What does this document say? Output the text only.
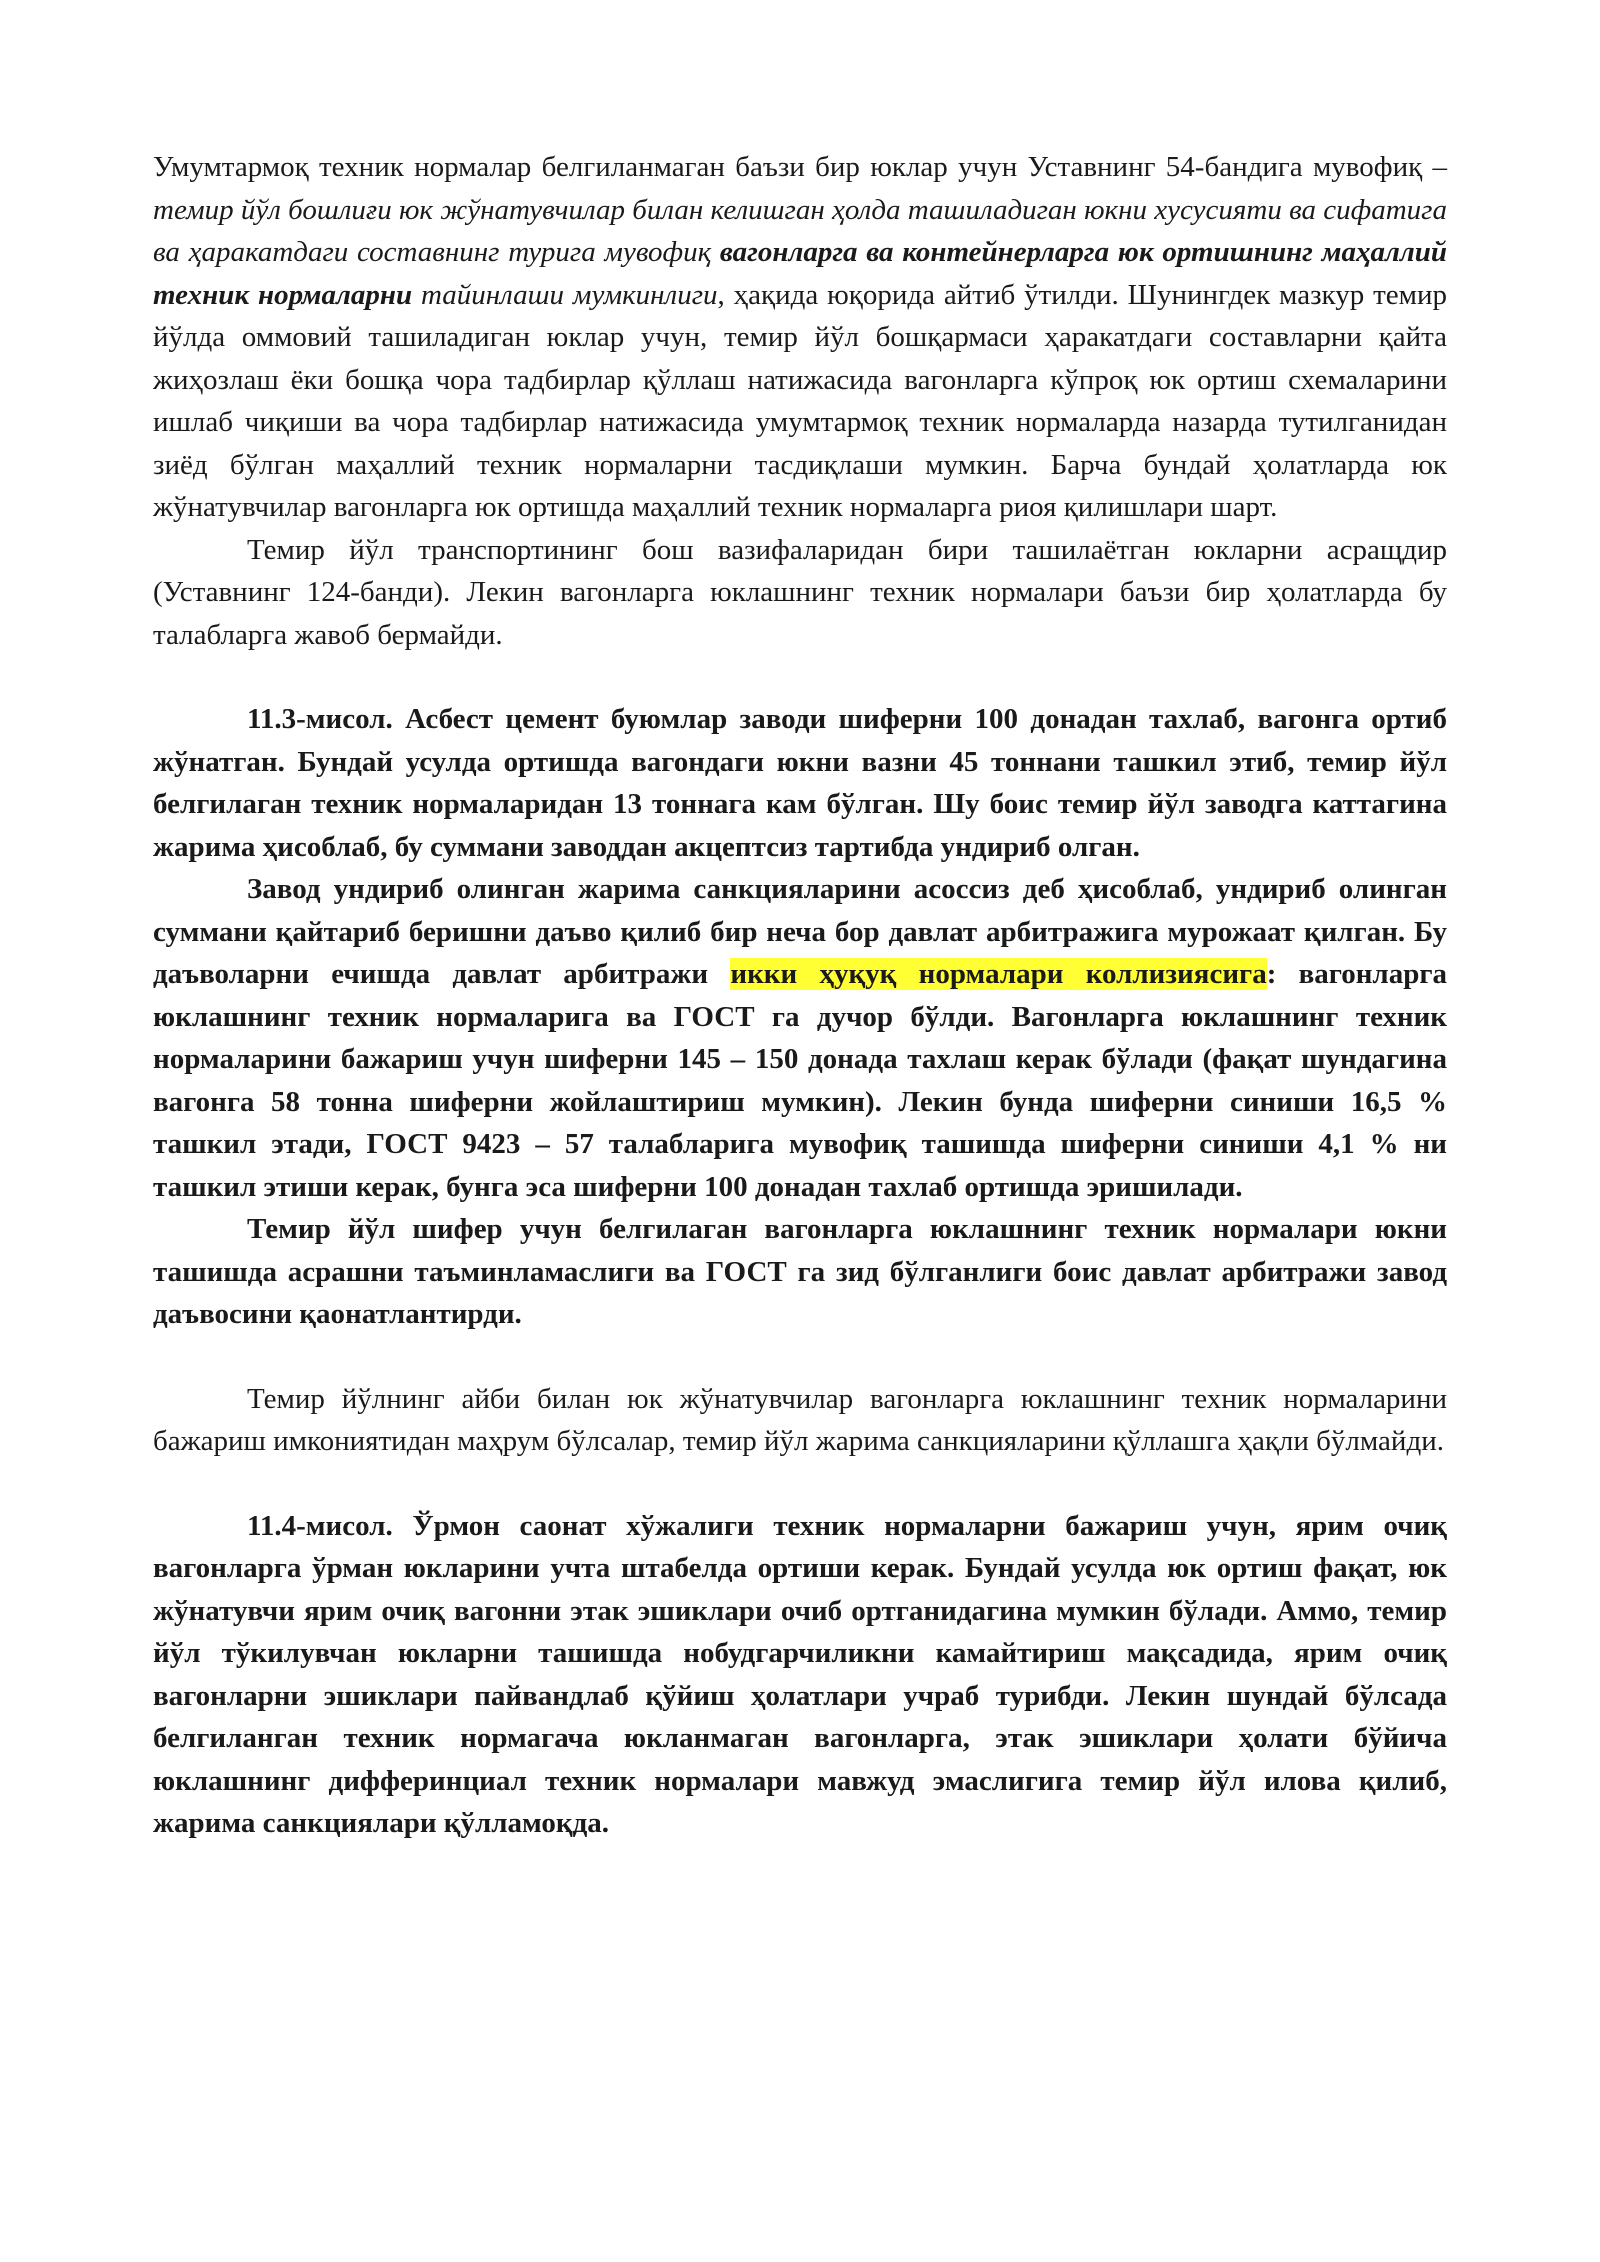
Умумтармоқ техник нормалар белгиланмаган баъзи бир юклар учун Уставнинг 54-бандига мувофиқ – темир йўл бошлиғи юк жўнатувчилар билан келишган ҳолда ташиладиган юкни хусусияти ва сифатига ва ҳаракатдаги составнинг турига мувофиқ вагонларга ва контейнерларга юк ортишнинг маҳаллий техник нормаларни тайинлаши мумкинлиги, ҳақида юқорида айтиб ўтилди. Шунингдек мазкур темир йўлда оммовий ташиладиган юклар учун, темир йўл бошқармаси ҳаракатдаги составларни қайта жиҳозлаш ёки бошқа чора тадбирлар қўллаш натижасида вагонларга кўпроқ юк ортиш схемаларини ишлаб чиқиши ва чора тадбирлар натижасида умумтармоқ техник нормаларда назарда тутилганидан зиёд бўлган маҳаллий техник нормаларни тасдиқлаши мумкин. Барча бундай ҳолатларда юк жўнатувчилар вагонларга юк ортишда маҳаллий техник нормаларга риоя қилишлари шарт.

Темир йўл транспортининг бош вазифаларидан бири ташилаётган юкларни асращдир (Уставнинг 124-банди). Лекин вагонларга юклашнинг техник нормалари баъзи бир ҳолатларда бу талабларга жавоб бермайди.

11.3-мисол. Асбест цемент буюмлар заводи шиферни 100 донадан тахлаб, вагонга ортиб жўнатган. Бундай усулда ортишда вагондаги юкни вазни 45 тоннани ташкил этиб, темир йўл белгилаган техник нормаларидан 13 тоннага кам бўлган. Шу боис темир йўл заводга каттагина жарима ҳисоблаб, бу суммани заводдан акцептсиз тартибда ундириб олган.

Завод ундириб олинган жарима санкцияларини асоссиз деб ҳисоблаб, ундириб олинган суммани қайтариб беришни даъво қилиб бир неча бор давлат арбитражига мурожаат қилган. Бу даъволарни ечишда давлат арбитражи икки ҳуқуқ нормалари коллизиясига: вагонларга юклашнинг техник нормаларига ва ГОСТ га дучор бўлди. Вагонларга юклашнинг техник нормаларини бажариш учун шиферни 145 – 150 донада тахлаш керак бўлади (фақат шундагина вагонга 58 тонна шиферни жойлаштириш мумкин). Лекин бунда шиферни синиши 16,5 % ташкил этади, ГОСТ 9423 – 57 талабларига мувофиқ ташишда шиферни синиши 4,1 % ни ташкил этиши керак, бунга эса шиферни 100 донадан тахлаб ортишда эришилади.

Темир йўл шифер учун белгилаган вагонларга юклашнинг техник нормалари юкни ташишда асрашни таъминламаслиги ва ГОСТ га зид бўлганлиги боис давлат арбитражи завод даъвосини қаонатлантирди.

Темир йўлнинг айби билан юк жўнатувчилар вагонларга юклашнинг техник нормаларини бажариш имкониятидан маҳрум бўлсалар, темир йўл жарима санкцияларини қўллашга ҳақли бўлмайди.

11.4-мисол. Ўрмон саонат хўжалиги техник нормаларни бажариш учун, ярим очиқ вагонларга ўрман юкларини учта штабелда ортиши керак. Бундай усулда юк ортиш фақат, юк жўнатувчи ярим очиқ вагонни этак эшиклари очиб ортганидагина мумкин бўлади. Аммо, темир йўл тўкилувчан юкларни ташишда нобудгарчиликни камайтириш мақсадида, ярим очиқ вагонларни эшиклари пайвандлаб қўйиш ҳолатлари учраб турибди. Лекин шундай бўлсада белгиланган техник нормагача юкланмаган вагонларга, этак эшиклари ҳолати бўйича юклашнинг дифферинциал техник нормалари мавжуд эмаслигига темир йўл илова қилиб, жарима санкциялари қўлламоқда.
